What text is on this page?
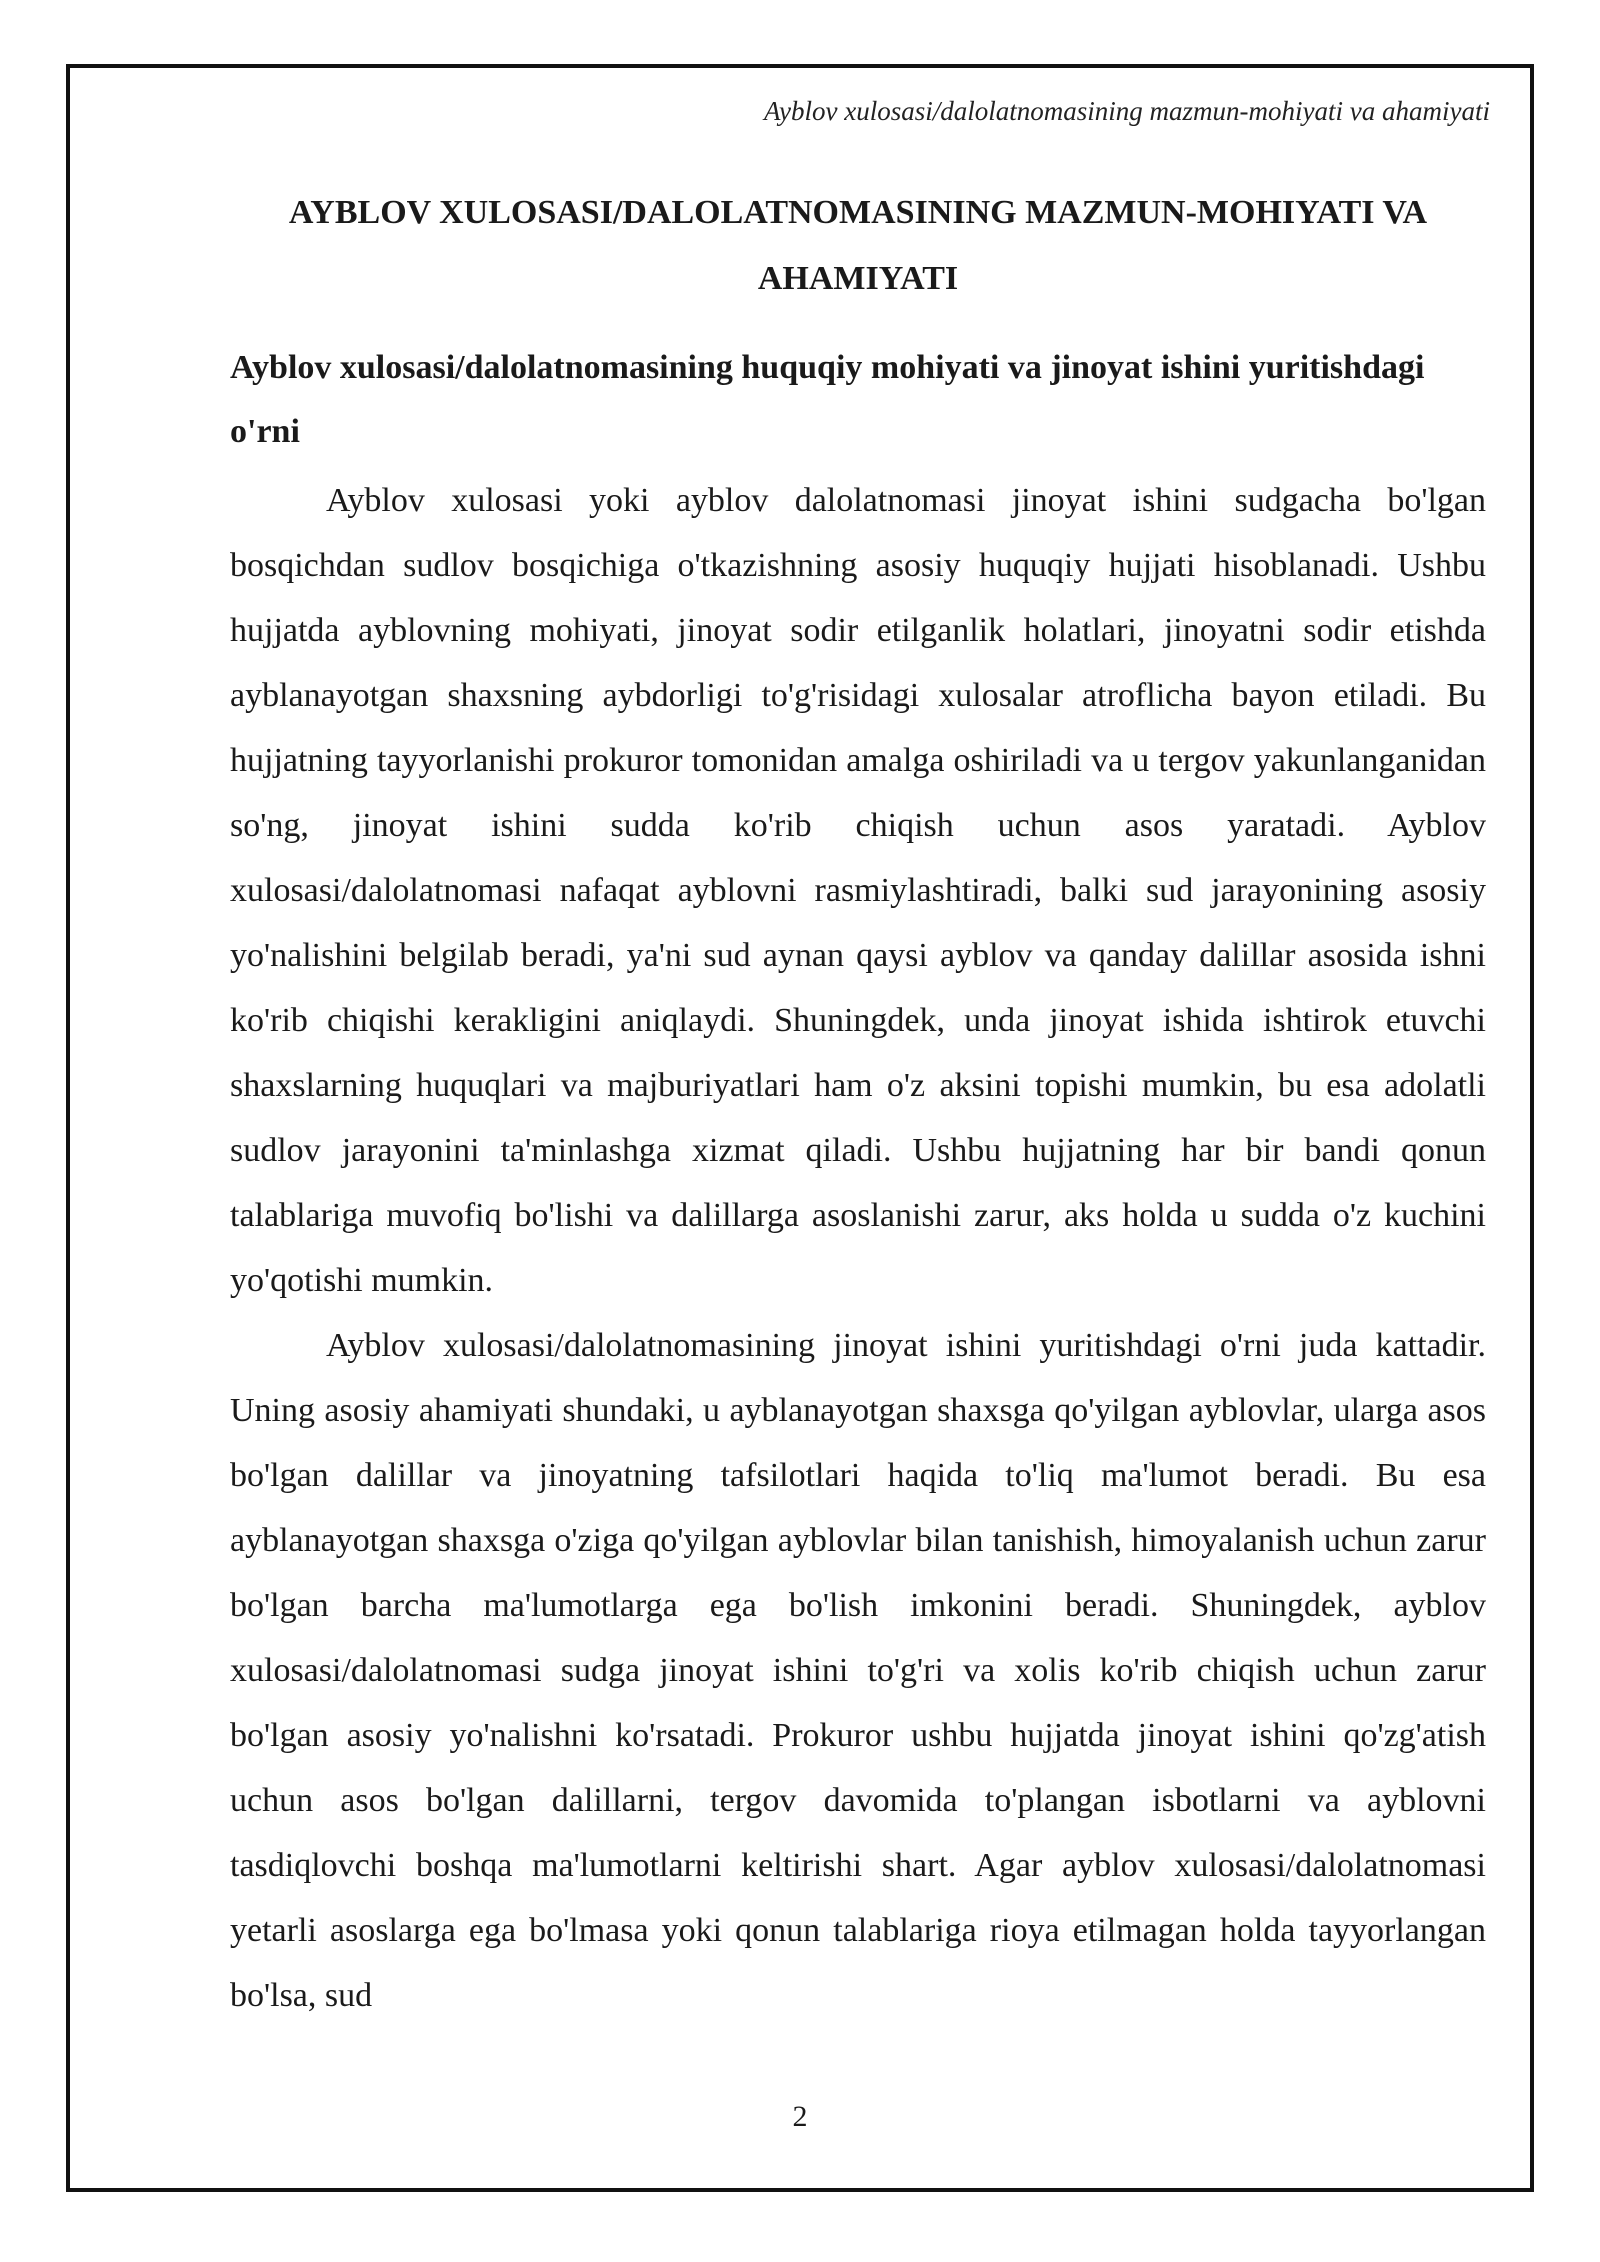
Ayblov xulosasi/dalolatnomasining mazmun-mohiyati va ahamiyati
AYBLOV XULOSASI/DALOLATNOMASINING MAZMUN-MOHIYATI VA AHAMIYATI
Ayblov xulosasi/dalolatnomasining huquqiy mohiyati va jinoyat ishini yuritishdagi o'rni

Ayblov xulosasi yoki ayblov dalolatnomasi jinoyat ishini sudgacha bo'lgan bosqichdan sudlov bosqichiga o'tkazishning asosiy huquqiy hujjati hisoblanadi. Ushbu hujjatda ayblovning mohiyati, jinoyat sodir etilganlik holatlari, jinoyatni sodir etishda ayblanayotgan shaxsning aybdorligi to'g'risidagi xulosalar atroflicha bayon etiladi. Bu hujjatning tayyorlanishi prokuror tomonidan amalga oshiriladi va u tergov yakunlanganidan so'ng, jinoyat ishini sudda ko'rib chiqish uchun asos yaratadi. Ayblov xulosasi/dalolatnomasi nafaqat ayblovni rasmiylashtiradi, balki sud jarayonining asosiy yo'nalishini belgilab beradi, ya'ni sud aynan qaysi ayblov va qanday dalillar asosida ishni ko'rib chiqishi kerakligini aniqlaydi. Shuningdek, unda jinoyat ishida ishtirok etuvchi shaxslarning huquqlari va majburiyatlari ham o'z aksini topishi mumkin, bu esa adolatli sudlov jarayonini ta'minlashga xizmat qiladi. Ushbu hujjatning har bir bandi qonun talablariga muvofiq bo'lishi va dalillarga asoslanishi zarur, aks holda u sudda o'z kuchini yo'qotishi mumkin.

Ayblov xulosasi/dalolatnomasining jinoyat ishini yuritishdagi o'rni juda kattadir. Uning asosiy ahamiyati shundaki, u ayblanayotgan shaxsga qo'yilgan ayblovlar, ularga asos bo'lgan dalillar va jinoyatning tafsilotlari haqida to'liq ma'lumot beradi. Bu esa ayblanayotgan shaxsga o'ziga qo'yilgan ayblovlar bilan tanishish, himoyalanish uchun zarur bo'lgan barcha ma'lumotlarga ega bo'lish imkonini beradi. Shuningdek, ayblov xulosasi/dalolatnomasi sudga jinoyat ishini to'g'ri va xolis ko'rib chiqish uchun zarur bo'lgan asosiy yo'nalishni ko'rsatadi. Prokuror ushbu hujjatda jinoyat ishini qo'zg'atish uchun asos bo'lgan dalillarni, tergov davomida to'plangan isbotlarni va ayblovni tasdiqlovchi boshqa ma'lumotlarni keltirishi shart. Agar ayblov xulosasi/dalolatnomasi yetarli asoslarga ega bo'lmasa yoki qonun talablariga rioya etilmagan holda tayyorlangan bo'lsa, sud

2
